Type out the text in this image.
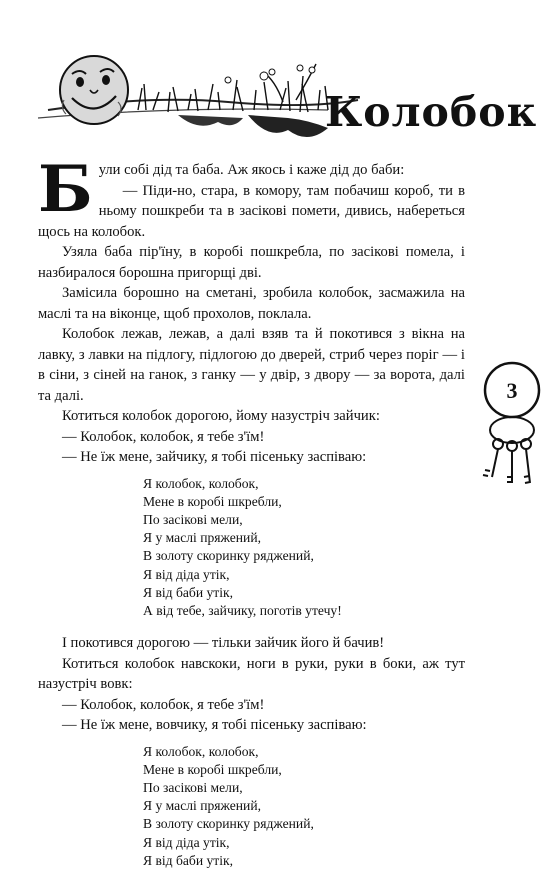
Колобок

Були собі дід та баба. Аж якось і каже дід до баби:

— Піди-но, стара, в комору, там побачиш короб, ти в ньому пошкреби та в засікові помети, дивись, набереться щось на колобок.

Узяла баба пір'їну, в коробі пошкребла, по засікові помела, і назбиралося борошна пригорщі дві.

Замісила борошно на сметані, зробила колобок, засмажила на маслі та на віконце, щоб прохолов, поклала.

Колобок лежав, лежав, а далі взяв та й покотився з вікна на лавку, з лавки на підлогу, підлогою до дверей, стриб через поріг — і в сіни, з сіней на ганок, з ганку — у двір, з двору — за ворота, далі та далі.

Котиться колобок дорогою, йому назустріч зайчик:

— Колобок, колобок, я тебе з'їм!

— Не їж мене, зайчику, я тобі пісеньку заспіваю:

Я колобок, колобок,
Мене в коробі шкребли,
По засікові мели,
Я у маслі пряжений,
В золоту скоринку ряджений,
Я від діда утік,
Я від баби утік,
А від тебе, зайчику, поготів утечу!

І покотився дорогою — тільки зайчик його й бачив!

Котиться колобок навскоки, ноги в руки, руки в боки, аж тут назустріч вовк:

— Колобок, колобок, я тебе з'їм!

— Не їж мене, вовчику, я тобі пісеньку заспіваю:

Я колобок, колобок,
Мене в коробі шкребли,
По засікові мели,
Я у маслі пряжений,
В золоту скоринку ряджений,
Я від діда утік,
Я від баби утік,
3
